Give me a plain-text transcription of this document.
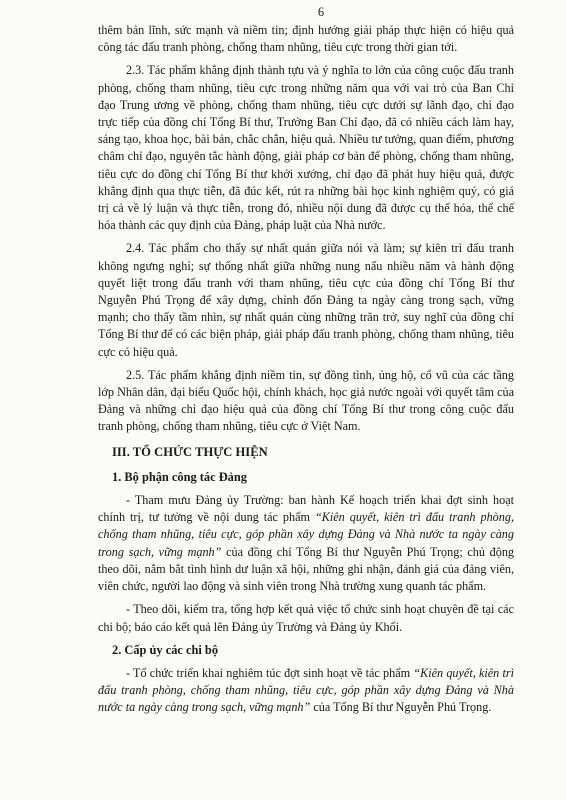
6

thêm bản lĩnh, sức mạnh và niềm tin; định hướng giải pháp thực hiện có hiệu quả công tác đấu tranh phòng, chống tham nhũng, tiêu cực trong thời gian tới.

2.3. Tác phẩm khẳng định thành tựu và ý nghĩa to lớn của công cuộc đấu tranh phòng, chống tham nhũng, tiêu cực trong những năm qua với vai trò của Ban Chỉ đạo Trung ương về phòng, chống tham nhũng, tiêu cực dưới sự lãnh đạo, chỉ đạo trực tiếp của đồng chí Tổng Bí thư, Trưởng Ban Chỉ đạo, đã có nhiều cách làm hay, sáng tạo, khoa học, bài bản, chắc chắn, hiệu quả. Nhiều tư tưởng, quan điểm, phương châm chỉ đạo, nguyên tắc hành động, giải pháp cơ bản để phòng, chống tham nhũng, tiêu cực do đồng chí Tổng Bí thư khởi xướng, chỉ đạo đã phát huy hiệu quả, được khẳng định qua thực tiễn, đã đúc kết, rút ra những bài học kinh nghiệm quý, có giá trị cả về lý luận và thực tiễn, trong đó, nhiều nội dung đã được cụ thể hóa, thể chế hóa thành các quy định của Đảng, pháp luật của Nhà nước.

2.4. Tác phẩm cho thấy sự nhất quán giữa nói và làm; sự kiên trì đấu tranh không ngưng nghỉ; sự thống nhất giữa những nung nấu nhiều năm và hành động quyết liệt trong đấu tranh với tham nhũng, tiêu cực của đồng chí Tổng Bí thư Nguyễn Phú Trọng để xây dựng, chỉnh đốn Đảng ta ngày càng trong sạch, vững mạnh; cho thấy tầm nhìn, sự nhất quán cùng những trăn trở, suy nghĩ của đồng chí Tổng Bí thư để có các biện pháp, giải pháp đấu tranh phòng, chống tham nhũng, tiêu cực có hiệu quả.

2.5. Tác phẩm khẳng định niềm tin, sự đồng tình, ủng hộ, cổ vũ của các tầng lớp Nhân dân, đại biểu Quốc hội, chính khách, học giả nước ngoài với quyết tâm của Đảng và những chỉ đạo hiệu quả của đồng chí Tổng Bí thư trong công cuộc đấu tranh phòng, chống tham nhũng, tiêu cực ở Việt Nam.

III. TỔ CHỨC THỰC HIỆN
1. Bộ phận công tác Đảng

- Tham mưu Đảng ủy Trường: ban hành Kế hoạch triển khai đợt sinh hoạt chính trị, tư tưởng về nội dung tác phẩm “Kiên quyết, kiên trì đấu tranh phòng, chống tham nhũng, tiêu cực, góp phần xây dựng Đảng và Nhà nước ta ngày càng trong sạch, vững mạnh” của đồng chí Tổng Bí thư Nguyễn Phú Trọng; chủ động theo dõi, nắm bắt tình hình dư luận xã hội, những ghi nhận, đánh giá của đảng viên, viên chức, người lao động và sinh viên trong Nhà trường xung quanh tác phẩm.

- Theo dõi, kiểm tra, tổng hợp kết quả việc tổ chức sinh hoạt chuyên đề tại các chi bộ; báo cáo kết quả lên Đảng ủy Trường và Đảng ủy Khối.

2. Cấp ủy các chi bộ

- Tổ chức triển khai nghiêm túc đợt sinh hoạt về tác phẩm “Kiên quyết, kiên trì đấu tranh phòng, chống tham nhũng, tiêu cực, góp phần xây dựng Đảng và Nhà nước ta ngày càng trong sạch, vững mạnh” của Tổng Bí thư Nguyễn Phú Trọng.
